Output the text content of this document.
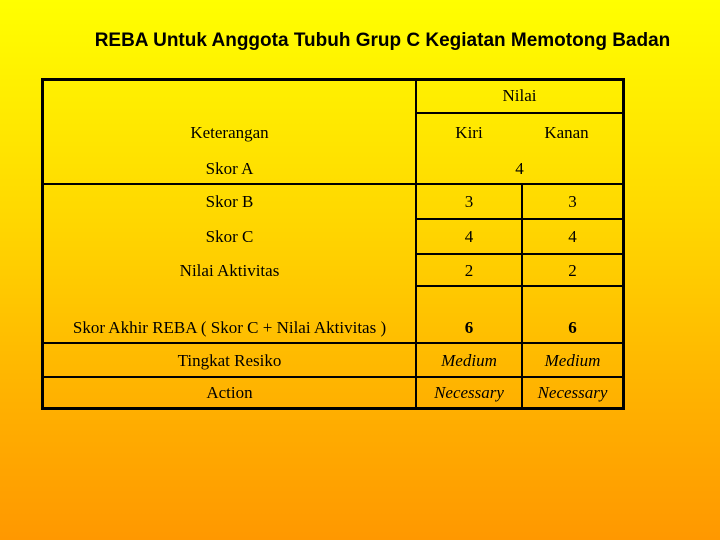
REBA Untuk Anggota Tubuh Grup C Kegiatan Memotong Badan
Nilai
Keterangan	Kiri	Kanan
Skor A	4
Skor B	3	3
Skor C	4	4
Nilai Aktivitas	2	2
Skor Akhir REBA ( Skor C + Nilai Aktivitas )	6	6
Tingkat Resiko	Medium	Medium
Action	Necessary	Necessary
